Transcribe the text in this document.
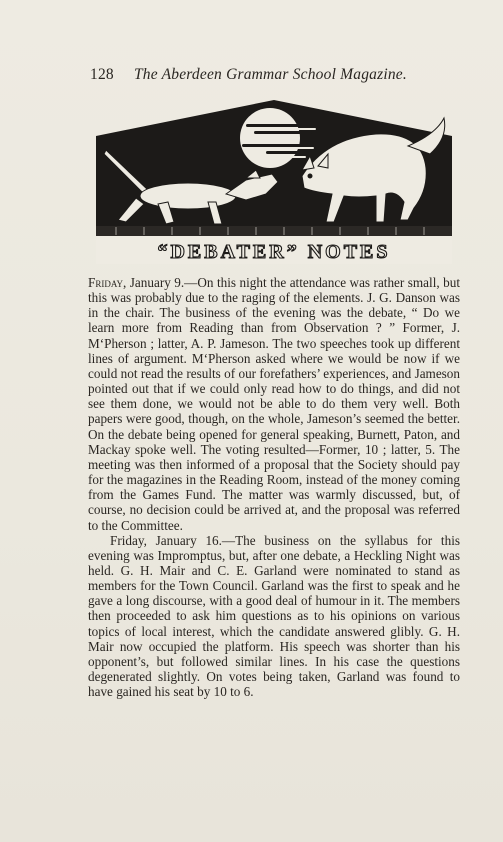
128 The Aberdeen Grammar School Magazine.
“DEBATER” NOTES

Friday, January 9.—On this night the attendance was rather small, but this was probably due to the raging of the elements. J. G. Danson was in the chair. The business of the evening was the debate, “ Do we learn more from Reading than from Observation ? ” Former, J. M‘Pherson ; latter, A. P. Jameson. The two speeches took up different lines of argument. M‘Pherson asked where we would be now if we could not read the results of our forefathers’ experiences, and Jameson pointed out that if we could only read how to do things, and did not see them done, we would not be able to do them very well. Both papers were good, though, on the whole, Jameson’s seemed the better. On the debate being opened for general speaking, Burnett, Paton, and Mackay spoke well. The voting resulted—Former, 10 ; latter, 5. The meeting was then informed of a proposal that the Society should pay for the magazines in the Reading Room, instead of the money coming from the Games Fund. The matter was warmly discussed, but, of course, no decision could be arrived at, and the proposal was referred to the Committee.

Friday, January 16.—The business on the syllabus for this evening was Impromptus, but, after one debate, a Heckling Night was held. G. H. Mair and C. E. Garland were nominated to stand as members for the Town Council. Garland was the first to speak and he gave a long discourse, with a good deal of humour in it. The members then proceeded to ask him questions as to his opinions on various topics of local interest, which the candidate answered glibly. G. H. Mair now occupied the platform. His speech was shorter than his opponent’s, but followed similar lines. In his case the questions degenerated slightly. On votes being taken, Garland was found to have gained his seat by 10 to 6.
